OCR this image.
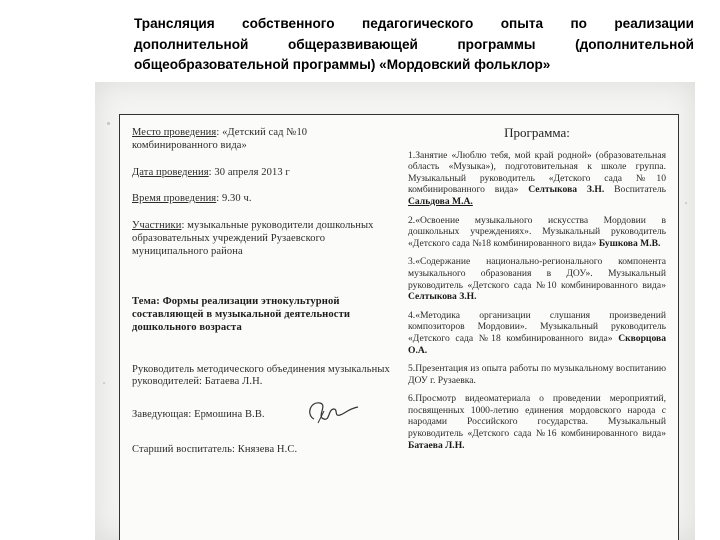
Трансляция собственного педагогического опыта по реализации дополнительной общеразвивающей программы (дополнительной общеобразовательной программы) «Мордовский фольклор»
Место проведения: «Детский сад №10 комбинированного вида»
Дата проведения: 30 апреля 2013 г
Время проведения: 9.30 ч.
Участники: музыкальные руководители дошкольных образовательных учреждений Рузаевского муниципального района
Тема: Формы реализации этнокультурной составляющей в музыкальной деятельности дошкольного возраста
Руководитель методического объединения музыкальных руководителей: Батаева Л.Н.
Заведующая: Ермошина В.В.
Старший воспитатель: Князева Н.С.
Программа:
1.Занятие «Люблю тебя, мой край родной» (образовательная область «Музыка»), подготовительная к школе группа. Музыкальный руководитель «Детского сада №10 комбинированного вида» Селтыкова З.Н. Воспитатель Сальдова М.А.
2.«Освоение музыкального искусства Мордовии в дошкольных учреждениях». Музыкальный руководитель «Детского сада №18 комбинированного вида» Бушкова М.В.
3.«Содержание национально-регионального компонента музыкального образования в ДОУ». Музыкальный руководитель «Детского сада №10 комбинированного вида» Селтыкова З.Н.
4.«Методика организации слушания произведений композиторов Мордовии». Музыкальный руководитель «Детского сада №18 комбинированного вида» Скворцова О.А.
5.Презентация из опыта работы по музыкальному воспитанию ДОУ г. Рузаевка.
6.Просмотр видеоматериала о проведении мероприятий, посвященных 1000-летию единения мордовского народа с народами Российского государства. Музыкальный руководитель «Детского сада №16 комбинированного вида» Батаева Л.Н.
